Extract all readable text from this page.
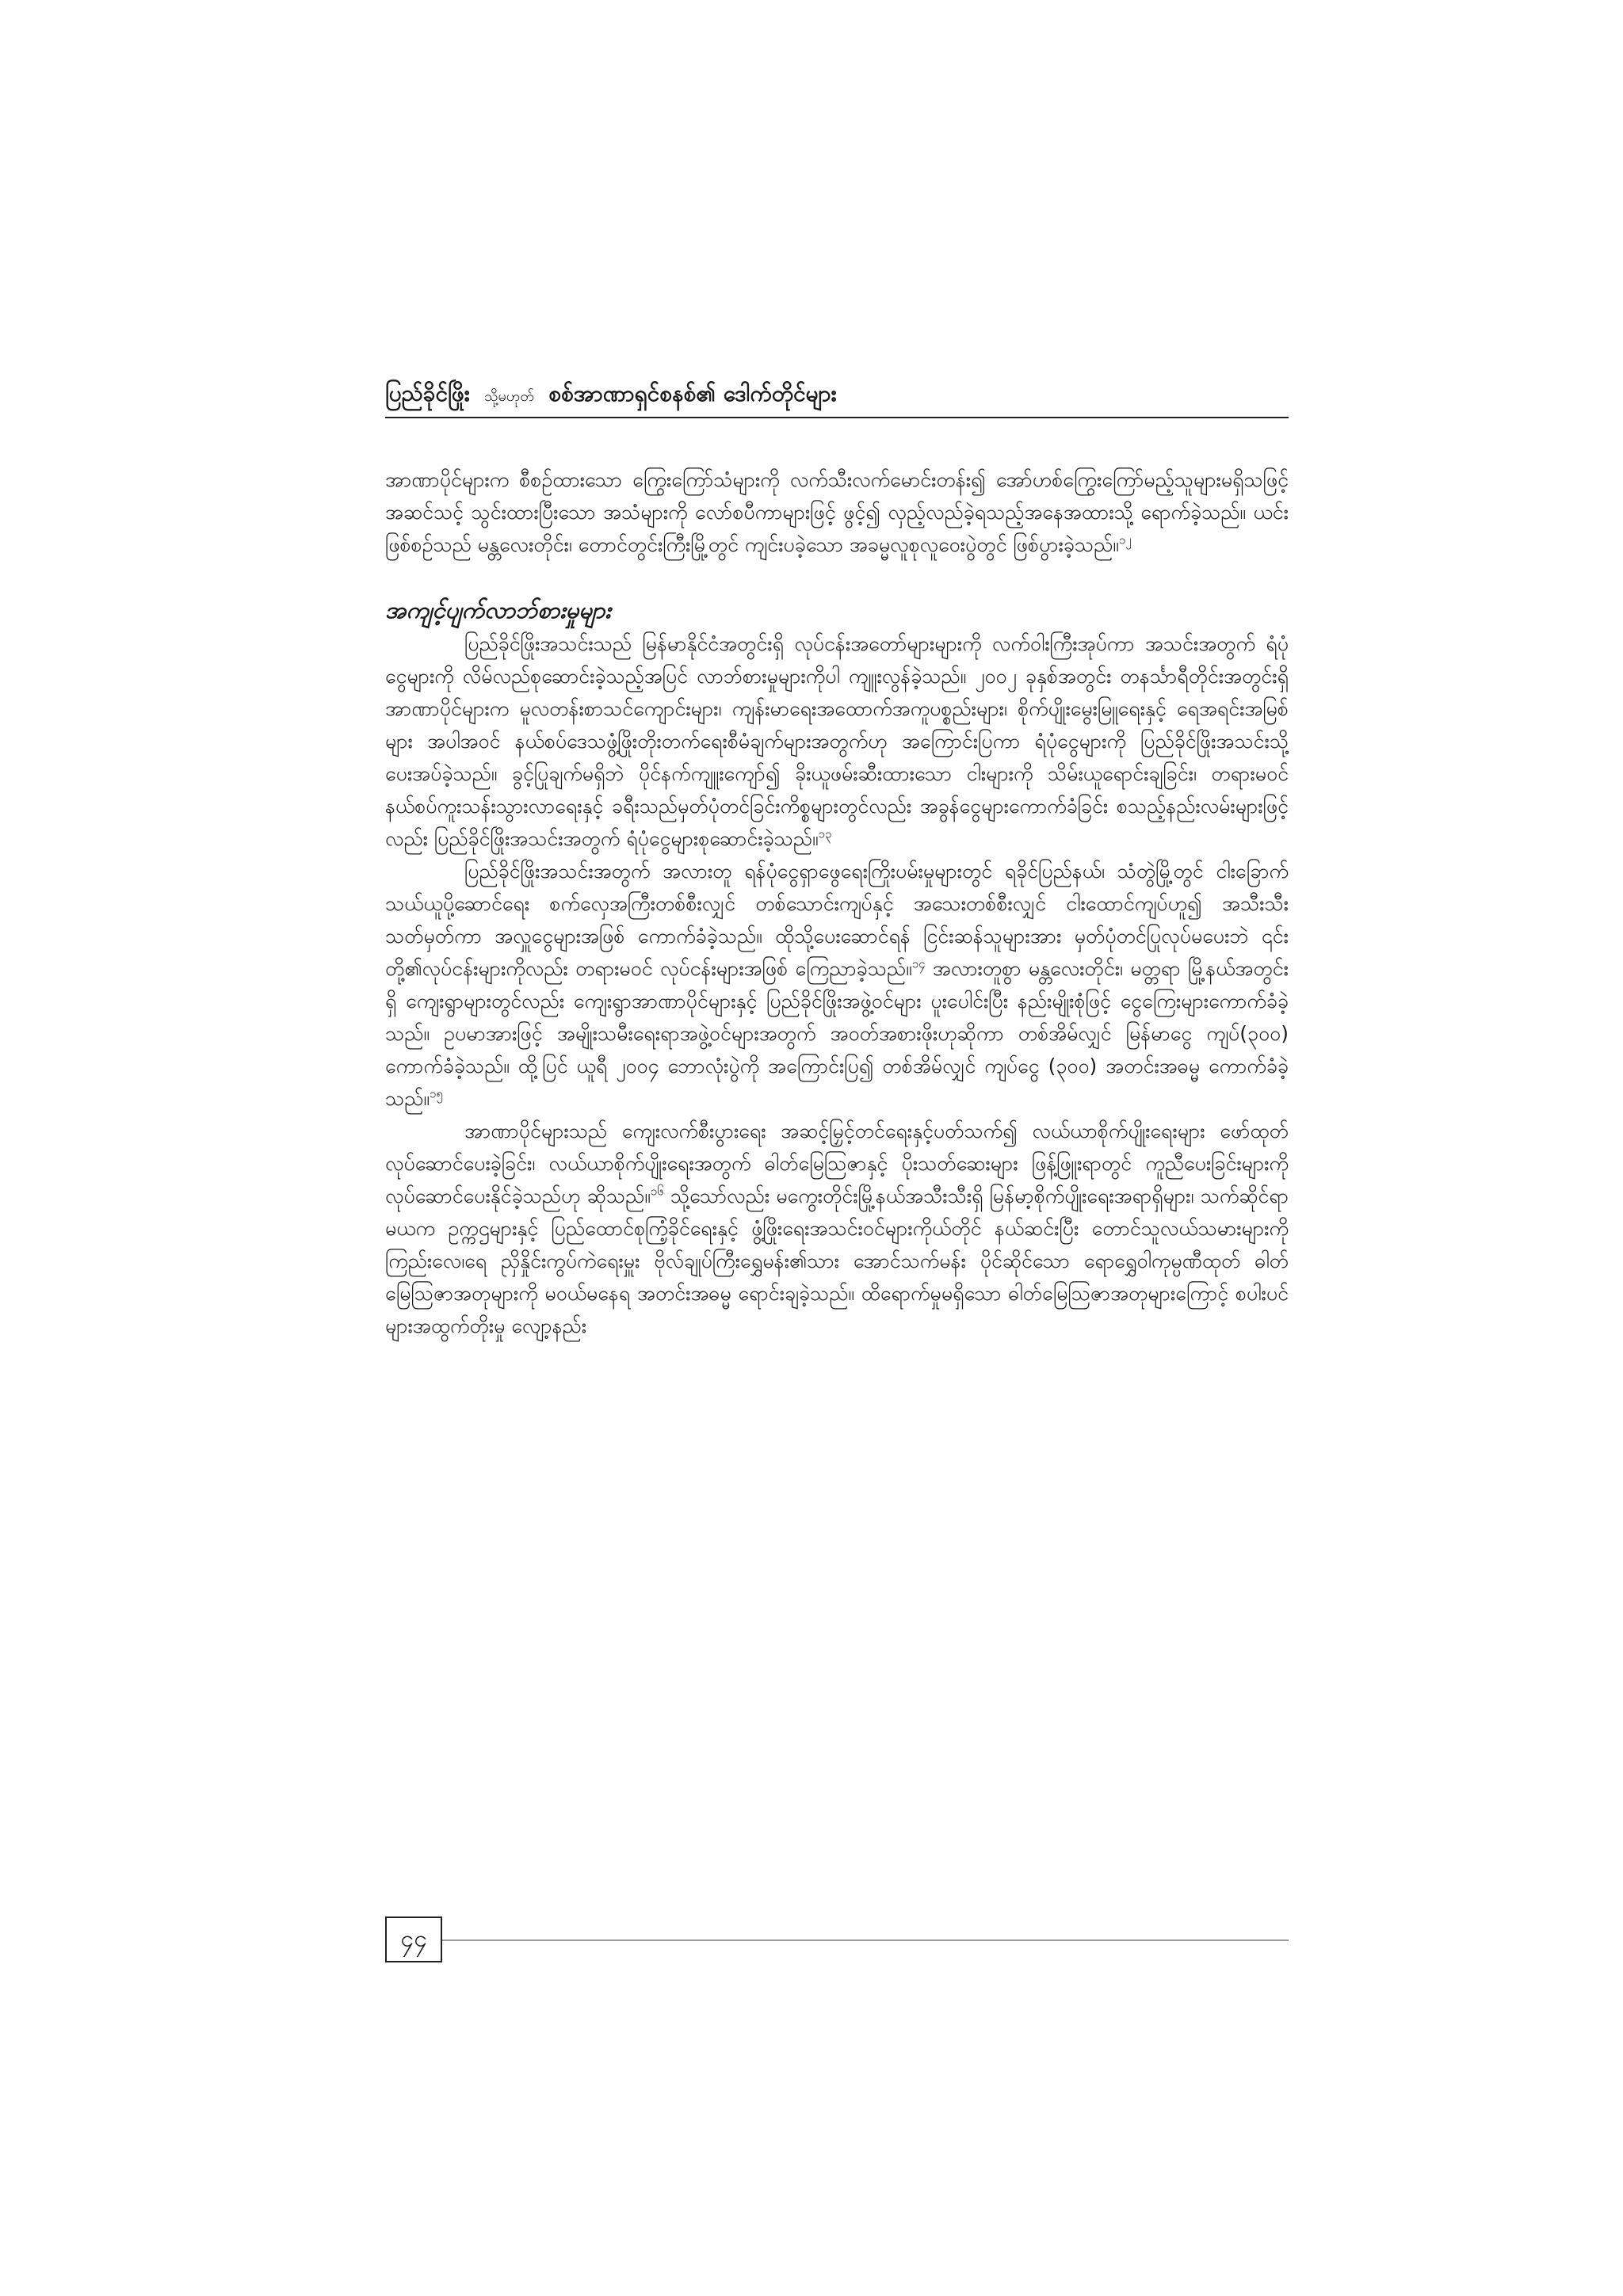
ပြည်ခိုင်ဖြိုး သို့မဟုတ် စစ်အာဏာရှင်စနစ်၏ ဒေါက်တိုင်များ

အာဏာပိုင်များက စီစဉ်ထားသော ကြွေးကြော်သံများကို လက်သီးလက်မောင်းတန်း၍ အော်ဟစ်ကြွေးကြော်မည့်သူများမရှိသဖြင့် အဆင်သင့် သွင်းထားပြီးသော အသံများကို လော်စပီကာများဖြင့် ဖွင့်၍ လှည့်လည်ခဲ့ရသည့်အနေအထားသို့ ရောက်ခဲ့သည်။ ယင်းဖြစ်စဉ်သည် မန္တလေးတိုင်း၊ တောင်တွင်းကြီးမြို့တွင် ကျင်းပခဲ့သော အခမ္မလူစုလူဝေးပွဲတွင် ဖြစ်ပွားခဲ့သည်။$^{၁၂}$

အကျင့်ပျက်လာဘ်စားမှုများ

ပြည်ခိုင်ဖြိုးအသင်းသည် မြန်မာနိုင်ငံအတွင်းရှိ လုပ်ငန်းအတော်များများကို လက်ဝါးကြီးအုပ်ကာ အသင်းအတွက် ရံပုံငွေများကို လိမ်လည်စုဆောင်းခဲ့သည့်အပြင် လာဘ်စားမှုများကိုပါ ကျူးလွန်ခဲ့သည်။ ၂၀၀၂ ခုနှစ်အတွင်း တနင်္သာရီတိုင်းအတွင်းရှိ အာဏာပိုင်များက မူလတန်းစာသင်ကျောင်းများ၊ ကျန်းမာရေးအထောက်အကူပစ္စည်းများ၊ စိုက်ပျိုးမွေးမြူရေးနှင့် ရေအရင်းအမြစ်များ အပါအဝင် နယ်စပ်ဒေသဖွံ့ဖြိုးတိုးတက်ရေးစီမံချက်များအတွက်ဟု အကြောင်းပြကာ ရံပုံငွေများကို ပြည်ခိုင်ဖြိုးအသင်းသို့ ပေးအပ်ခဲ့သည်။ ခွင့်ပြုချက်မရှိဘဲ ပိုင်နက်ကျူးကျော်၍ ခိုးယူဖမ်းဆီးထားသော ငါးများကို သိမ်းယူရောင်းချခြင်း၊ တရားမဝင် နယ်စပ်ကူးသန်းသွားလာရေးနှင့် ခရီးသည်မှတ်ပုံတင်ခြင်းကိစ္စများတွင်လည်း အခွန်ငွေများကောက်ခံခြင်း စသည့်နည်းလမ်းများဖြင့်လည်း ပြည်ခိုင်ဖြိုးအသင်းအတွက် ရံပုံငွေများစုဆောင်းခဲ့သည်။$^{၁၃}$

ပြည်ခိုင်ဖြိုးအသင်းအတွက် အလားတူ ရန်ပုံငွေရှာဖွေရေးကြိုးပမ်းမှုများတွင် ရခိုင်ပြည်နယ်၊ သံတွဲမြို့တွင် ငါးခြောက်သယ်ယူပို့ဆောင်ရေး စက်လှေအကြီးတစ်စီးလျှင် တစ်သောင်းကျပ်နှင့် အသေးတစ်စီးလျှင် ငါးထောင်ကျပ်ဟူ၍ အသီးသီးသတ်မှတ်ကာ အလှူငွေများအဖြစ် ကောက်ခံခဲ့သည်။ ထိုသို့ပေးဆောင်ရန် ငြင်းဆန်သူများအား မှတ်ပုံတင်ပြုလုပ်မပေးဘဲ ၎င်းတို့၏လုပ်ငန်းများကိုလည်း တရားမဝင် လုပ်ငန်းများအဖြစ် ကြေညာခဲ့သည်။$^{၁၄}$ အလားတူစွာ မန္တလေးတိုင်း၊ မတ္တရာ မြို့နယ်အတွင်းရှိ ကျေးရွာများတွင်လည်း ကျေးရွာအာဏာပိုင်များနှင့် ပြည်ခိုင်ဖြိုးအဖွဲ့ဝင်များ ပူးပေါင်းပြီး နည်းမျိုးစုံဖြင့် ငွေကြေးများကောက်ခံခဲ့သည်။ ဥပမာအားဖြင့် အမျိုးသမီးရေးရာအဖွဲ့ဝင်များအတွက် အဝတ်အစားဖိုးဟုဆိုကာ တစ်အိမ်လျှင် မြန်မာငွေ ကျပ်(၃၀၀) ကောက်ခံခဲ့သည်။ ထို့ပြင် ယူရီ ၂၀၀၄ ဘောလုံးပွဲကို အကြောင်းပြ၍ တစ်အိမ်လျှင် ကျပ်ငွေ (၃၀၀) အတင်းအဓမ္မ ကောက်ခံခဲ့သည်။$^{၁၅}$

အာဏာပိုင်များသည် ကျေးလက်စီးပွားရေး အဆင့်မြှင့်တင်ရေးနှင့်ပတ်သက်၍ လယ်ယာစိုက်ပျိုးရေးများ ဖော်ထုတ်လုပ်ဆောင်ပေးခဲ့ခြင်း၊ လယ်ယာစိုက်ပျိုးရေးအတွက် ဓါတ်မြေဩဇာနှင့် ပိုးသတ်ဆေးများ ဖြန့်ဖြူးရာတွင် ကူညီပေးခြင်းများကို လုပ်ဆောင်ပေးနိုင်ခဲ့သည်ဟု ဆိုသည်။$^{၁၆}$ သို့သော်လည်း မကွေးတိုင်းမြို့နယ်အသီးသီးရှိ မြန်မာ့စိုက်ပျိုးရေးအရာရှိများ၊ သက်ဆိုင်ရာ မယက ဥက္ကဌများနှင့် ပြည်ထောင်စုကြံ့ခိုင်ရေးနှင့် ဖွံ့ဖြိုးရေးအသင်းဝင်များကိုယ်တိုင် နယ်ဆင်းပြီး တောင်သူလယ်သမားများကို ကြည်းလေ၊ရေ ညှိနှိုင်းကွပ်ကဲရေးမှူး ဗိုလ်ချုပ်ကြီးရွှေမန်း၏သား အောင်သက်မန်း ပိုင်ဆိုင်သော ရောရွှေဝါကုမ္ပဏီထုတ် ဓါတ်မြေဩဇာအတုများကို မဝယ်မနေရ အတင်းအဓမ္မ ရောင်းချခဲ့သည်။ ထိရောက်မှုမရှိသော ဓါတ်မြေဩဇာအတုများကြောင့် စပါးပင်များအထွက်တိုးမှု လျော့နည်း

၄၄
